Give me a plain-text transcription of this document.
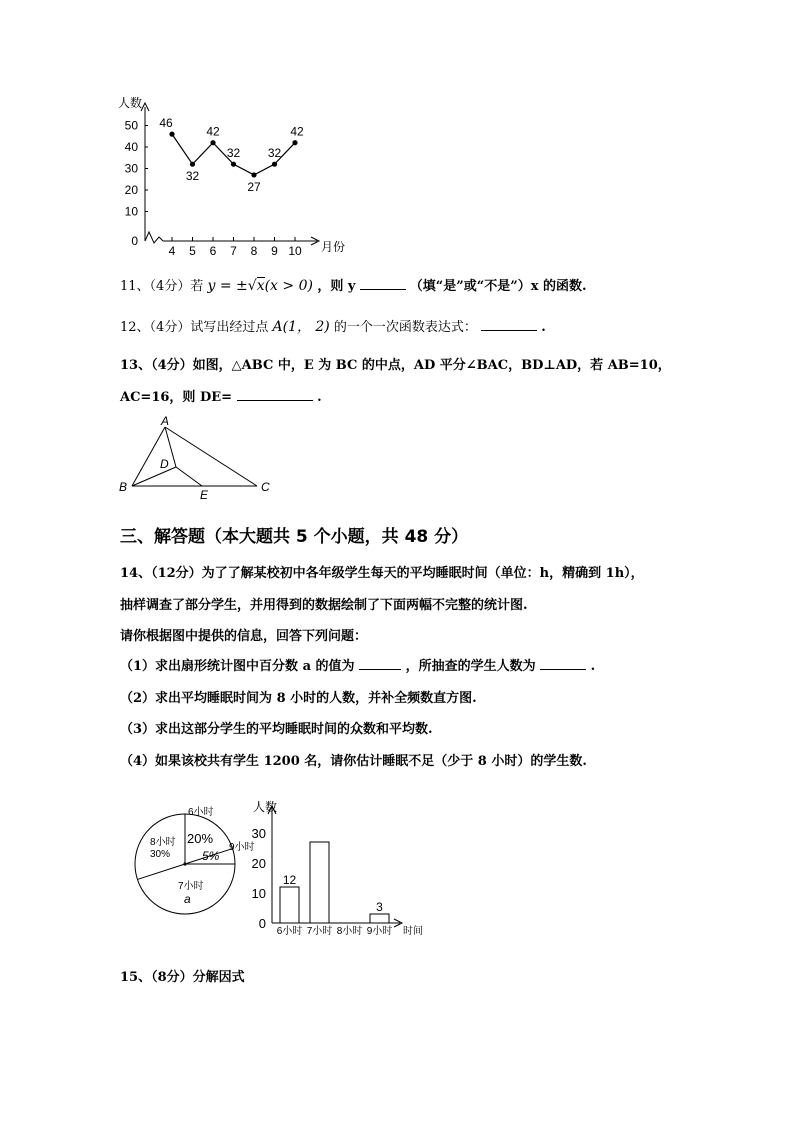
人数
月份
0
10
20
30
40
50
4 5 6 7 8 9 10
46
32
42
32
27
32
42
11、（4分）若 y = ±√x(x > 0) ，则 y	（填“是”或“不是”）x 的函数.
12、（4分）试写出经过点 A(1， 2) 的一个一次函数表达式：	.
13、（4分）如图，△ABC 中，E 为 BC 的中点，AD 平分∠BAC，BD⊥AD，若 AB=10，
AC=16，则 DE=	.
A
B	C
D
E
三、解答题（本大题共 5 个小题，共 48 分）
14、（12分）为了了解某校初中各年级学生每天的平均睡眠时间（单位：h，精确到 1h），
抽样调查了部分学生，并用得到的数据绘制了下面两幅不完整的统计图.
请你根据图中提供的信息，回答下列问题：
（1）求出扇形统计图中百分数 a 的值为	，所抽查的学生人数为	.
（2）求出平均睡眠时间为 8 小时的人数，并补全频数直方图.
（3）求出这部分学生的平均睡眠时间的众数和平均数.
（4）如果该校共有学生 1200 名，请你估计睡眠不足（少于 8 小时）的学生数.
6小时
20%
9小时
5%
7小时
a
8小时
30%
人数
时间
0
10
20
30
12
6小时 7小时 8小时
3
9小时
15、（8分）分解因式
